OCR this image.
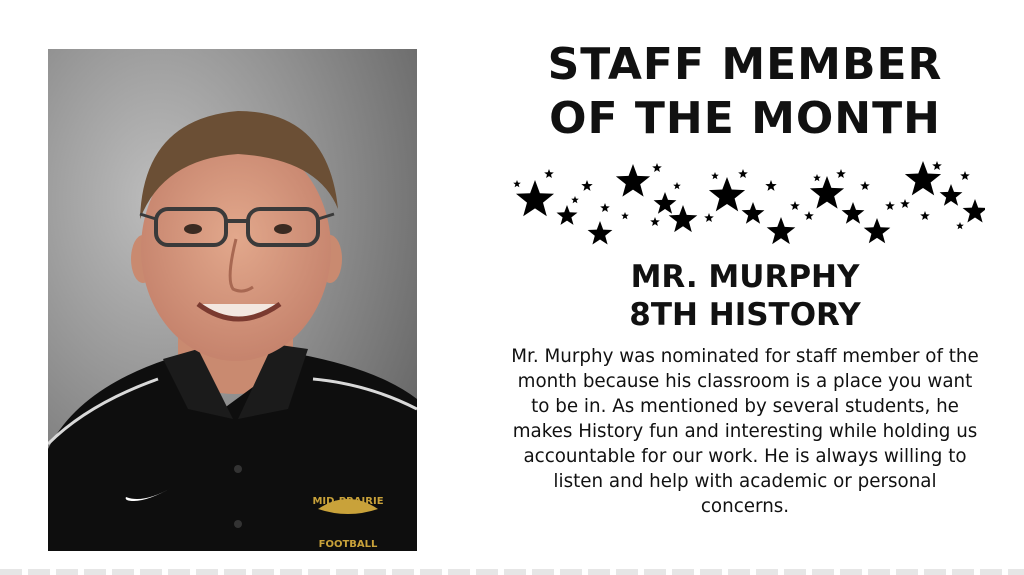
MID-PRAIRIE
FOOTBALL
STAFF MEMBER
OF THE MONTH
MR. MURPHY
8TH HISTORY
Mr. Murphy was nominated for staff member of the month because his classroom is a place you want to be in. As mentioned by several students, he makes History fun and interesting while holding us accountable for our work. He is always willing to listen and help with academic or personal concerns.
